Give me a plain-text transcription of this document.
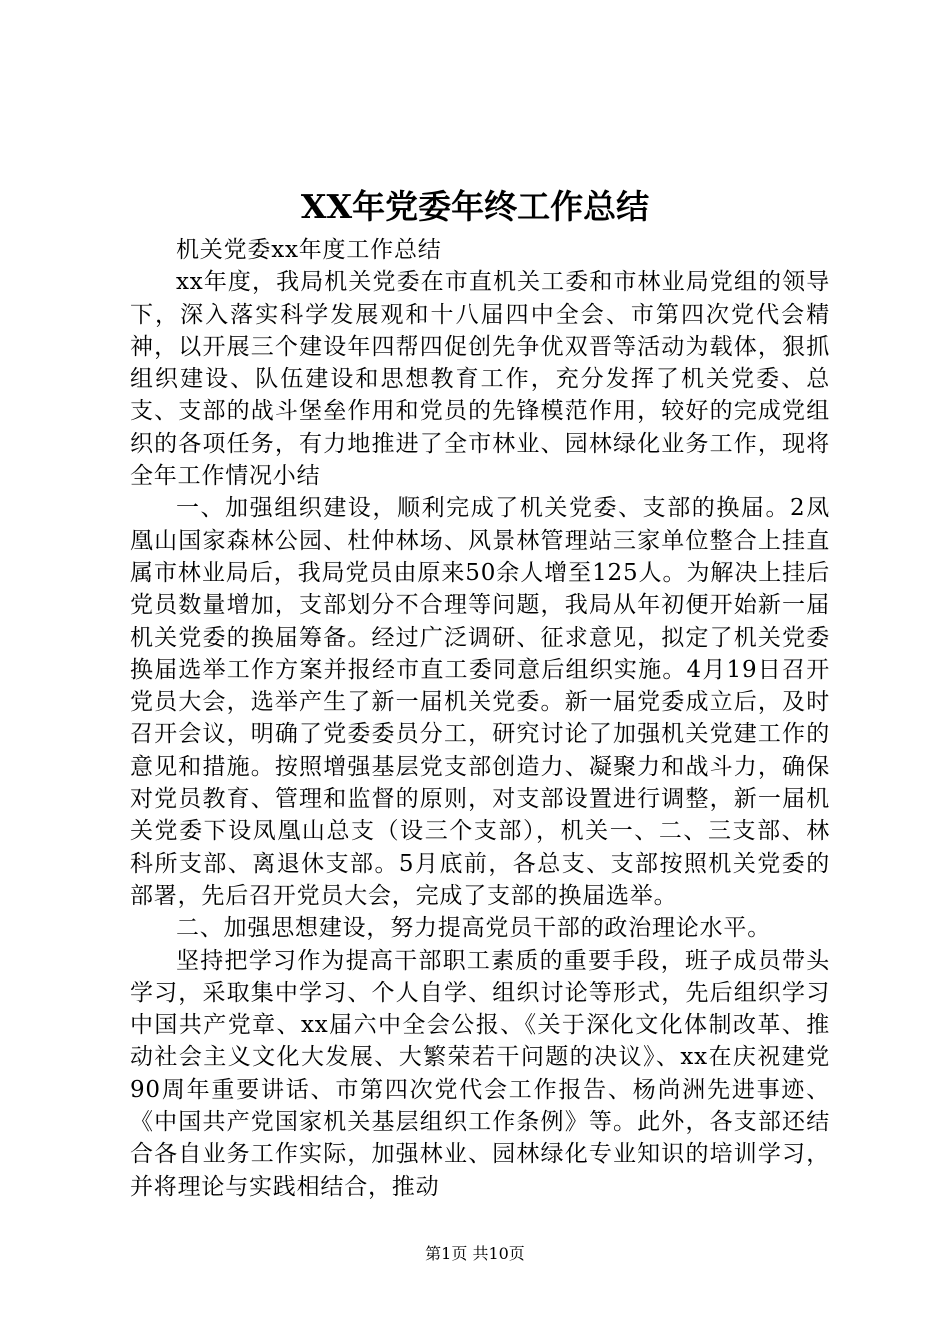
XX年党委年终工作总结

机关党委xx年度工作总结

xx年度，我局机关党委在市直机关工委和市林业局党组的领导下，深入落实科学发展观和十八届四中全会、市第四次党代会精神，以开展三个建设年四帮四促创先争优双晋等活动为载体，狠抓组织建设、队伍建设和思想教育工作，充分发挥了机关党委、总支、支部的战斗堡垒作用和党员的先锋模范作用，较好的完成党组织的各项任务，有力地推进了全市林业、园林绿化业务工作，现将全年工作情况小结

一、加强组织建设，顺利完成了机关党委、支部的换届。2凤凰山国家森林公园、杜仲林场、风景林管理站三家单位整合上挂直属市林业局后，我局党员由原来50余人增至125人。为解决上挂后党员数量增加，支部划分不合理等问题，我局从年初便开始新一届机关党委的换届筹备。经过广泛调研、征求意见，拟定了机关党委换届选举工作方案并报经市直工委同意后组织实施。4月19日召开党员大会，选举产生了新一届机关党委。新一届党委成立后，及时召开会议，明确了党委委员分工，研究讨论了加强机关党建工作的意见和措施。按照增强基层党支部创造力、凝聚力和战斗力，确保对党员教育、管理和监督的原则，对支部设置进行调整，新一届机关党委下设凤凰山总支（设三个支部），机关一、二、三支部、林科所支部、离退休支部。5月底前，各总支、支部按照机关党委的部署，先后召开党员大会，完成了支部的换届选举。

二、加强思想建设，努力提高党员干部的政治理论水平。

坚持把学习作为提高干部职工素质的重要手段，班子成员带头学习，采取集中学习、个人自学、组织讨论等形式，先后组织学习中国共产党章、xx届六中全会公报、《关于深化文化体制改革、推动社会主义文化大发展、大繁荣若干问题的决议》、xx在庆祝建党90周年重要讲话、市第四次党代会工作报告、杨尚洲先进事迹、《中国共产党国家机关基层组织工作条例》等。此外，各支部还结合各自业务工作实际，加强林业、园林绿化专业知识的培训学习，并将理论与实践相结合，推动

第1页 共10页
